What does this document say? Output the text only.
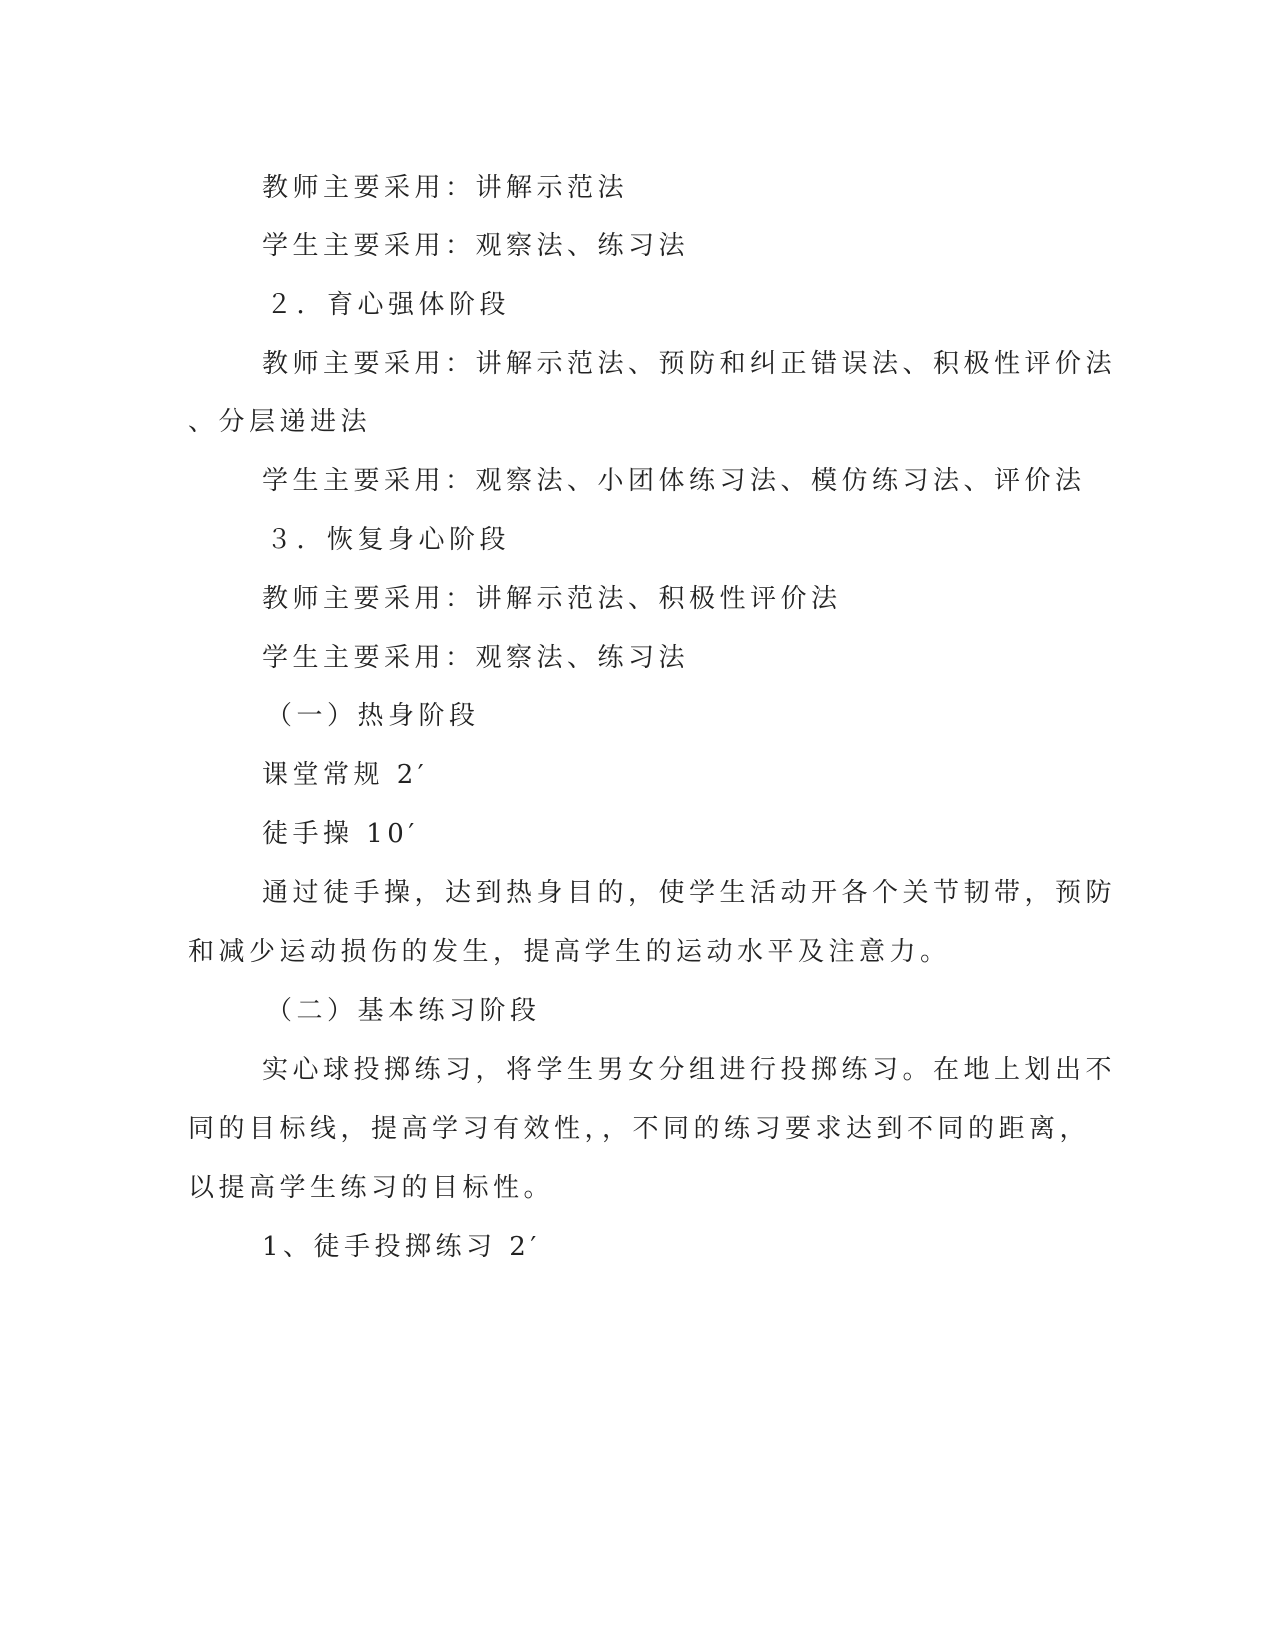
教师主要采用：讲解示范法
学生主要采用：观察法、练习法
２．育心强体阶段
教师主要采用：讲解示范法、预防和纠正错误法、积极性评价法
、分层递进法
学生主要采用：观察法、小团体练习法、模仿练习法、评价法
３．恢复身心阶段
教师主要采用：讲解示范法、积极性评价法
学生主要采用：观察法、练习法
（一）热身阶段
课堂常规 2′
徒手操 10′
通过徒手操，达到热身目的，使学生活动开各个关节韧带，预防
和减少运动损伤的发生，提高学生的运动水平及注意力。
（二）基本练习阶段
实心球投掷练习，将学生男女分组进行投掷练习。在地上划出不
同的目标线，提高学习有效性，，不同的练习要求达到不同的距离，
以提高学生练习的目标性。
1、徒手投掷练习 2′
